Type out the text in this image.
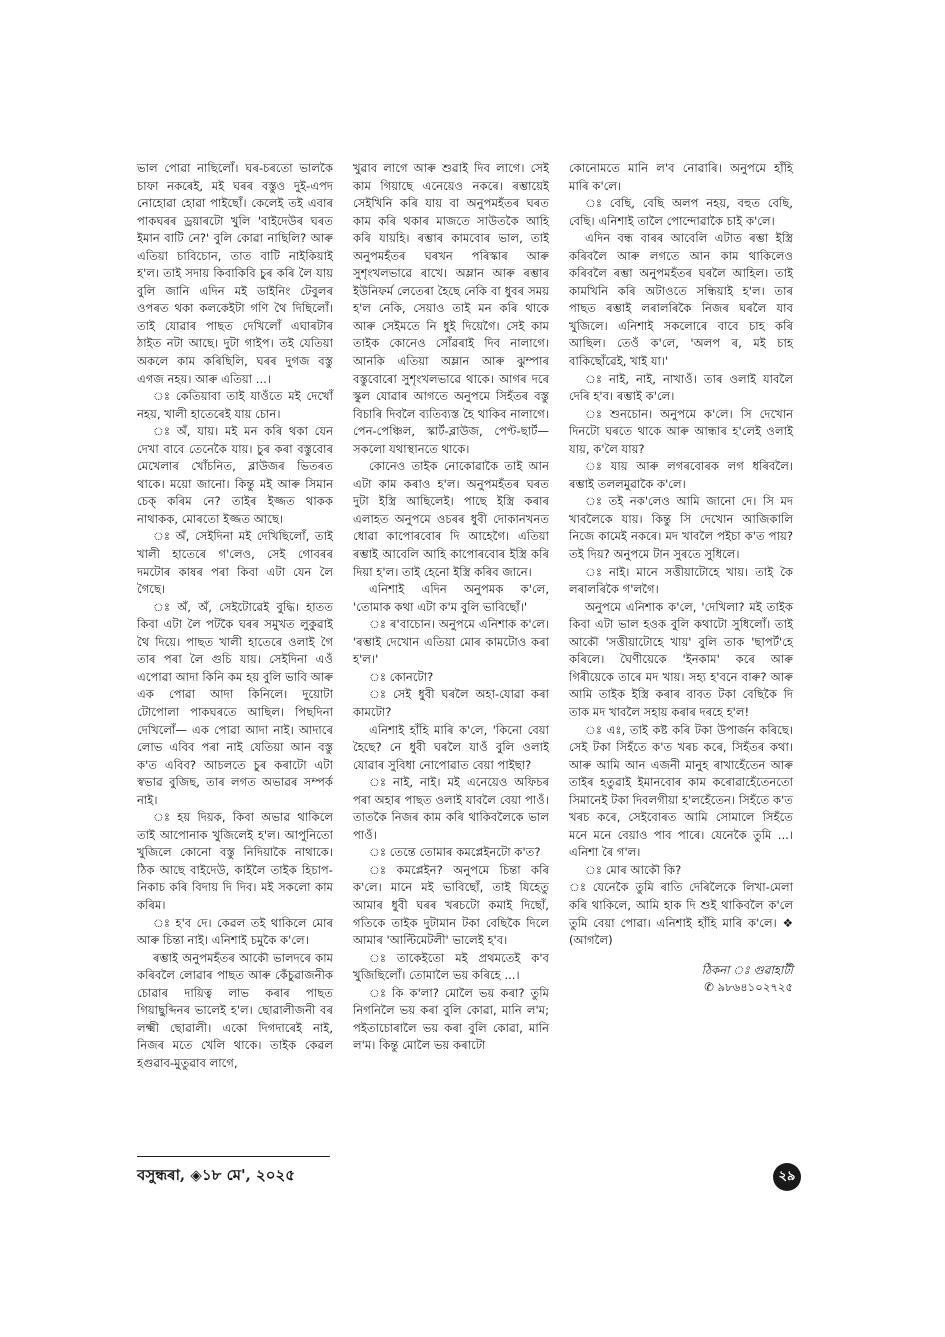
ভাল পোৱা নাছিলোঁ। ঘৰ-চৰতো ভালকৈ চাফা নকৰেই, মই ঘৰৰ বস্তুও দুই-এপদ নোহোৱা হোৱা পাইছোঁ। কেলেই তই এবাৰ পাকঘৰৰ ড্ৰয়াৰটো খুলি 'বাইদেউৰ ঘৰত ইমান বাটি নে?' বুলি কোৱা নাছিলি? আৰু এতিয়া চাবিচোন, তাত বাটি নাইকিয়াই হ'ল। তাই সদায় কিবাকিবি চুৰ কৰি লৈ যায় বুলি জানি এদিন মই ডাইনিং টেবুলৰ ওপৰত থকা কলকেইটা গণি থৈ দিছিলোঁ। তাই যোৱাৰ পাছত দেখিলোঁ এঘাৰটাৰ ঠাইত নটা আছে। দুটা গাইপ। তই যেতিয়া অকলে কাম কৰিছিলি, ঘৰৰ দুগজ বস্তু এগজ নহয়। আৰু এতিয়া ...।

ঃ কেতিয়াবা তাই যাওঁতে মই দেখোঁ নহয়, খালী হাতেৰেই যায় চোন।

ঃ অঁ, যায়। মই মন কৰি থকা যেন দেখা বাবে তেনেকৈ যায়। চুৰ কৰা বস্তুবোৰ মেখেলাৰ খোঁচনিত, ব্লাউজৰ ভিতৰত থাকে। ময়ো জানো। কিন্তু মই আৰু সিমান চেক্ কৰিম নে? তাইৰ ইজ্জত থাকক নাথাকক, মোৰতো ইজ্জত আছে।

ঃ অঁ, সেইদিনা মই দেখিছিলোঁ, তাই খালী হাতেৰে গ'লেও, সেই গোবৰৰ দমটোৰ কাষৰ পৰা কিবা এটা যেন লৈ গৈছে।

ঃ অঁ, অঁ, সেইটোৱেই বুদ্ধি। হাতত কিবা এটা লৈ পটকৈ ঘৰৰ সমুখত লুকুৱাই থৈ দিয়ে। পাছত খালী হাতেৰে ওলাই গৈ তাৰ পৰা লৈ গুচি যায়। সেইদিনা এওঁ এপোৱা আদা কিনি কম হয় বুলি ভাবি আৰু এক পোৱা আদা কিনিলে। দুয়োটা টোপোলা পাকঘৰতে আছিল। পিছদিনা দেখিলোঁ— এক পোৱা আদা নাই। আদাৰে লোভ এবিব পৰা নাই যেতিয়া আন বস্তু ক'ত এবিব? আচলতে চুৰ কৰাটো এটা স্বভাৱ বুজিছ, তাৰ লগত অভাৱৰ সম্পৰ্ক নাই।

ঃ হয় দিয়ক, কিবা অভাৱ থাকিলে তাই আপোনাক খুজিলেই হ'ল। আপুনিতো খুজিলে কোনো বস্তু নিদিয়াকৈ নাথাকে। ঠিক আছে বাইদেউ, কাইলৈ তাইক হিচাপ-নিকাচ কৰি বিদায় দি দিব। মই সকলো কাম কৰিম।

ঃ হ'ব দে। কেৱল তই থাকিলে মোৰ আৰু চিন্তা নাই। এনিশাই চমুকৈ ক'লে।

ৰম্ভাই অনুপমহঁতৰ আকৌ ভালদৰে কাম কৰিবলৈ লোৱাৰ পাছত আৰু কেঁচুৱাজনীক চোৱাৰ দায়িত্ব লাভ কৰাৰ পাছত গিয়াছুব্দিনৰ ভালেই হ'ল। ছোৱালীজনী বৰ লক্ষ্মী ছোৱালী। একো দিগদাৰেই নাই, নিজৰ মতে খেলি থাকে। তাইক কেৱল হগুৱাব-মুতুৱাব লাগে,

খুৱাব লাগে আৰু শুৱাই দিব লাগে। সেই কাম গিয়াছে এনেয়েও নকৰে। ৰম্ভায়েই সেইখিনি কৰি যায় বা অনুপমহঁতৰ ঘৰত কাম কৰি থকাৰ মাজতে সাউতকৈ আহি কৰি যায়হি। ৰম্ভাৰ কামবোৰ ভাল, তাই অনুপমহঁতৰ ঘৰখন পৰিস্কাৰ আৰু সুশৃংখলভাৱে ৰাখে। অম্লান আৰু ৰম্ভাৰ ইউনিফৰ্ম লেতেৰা হৈছে নেকি বা ধুবৰ সময় হ'ল নেকি, সেয়াও তাই মন কৰি থাকে আৰু সেইমতে নি ধুই দিয়েগৈ। সেই কাম তাইক কোনেও সোঁৱৰাই দিব নালাগে। আনকি এতিয়া অম্লান আৰু ঝুম্পাৰ বস্তুবোৰো সুশৃংখলভাৱে থাকে। আগৰ দৰে স্কুল যোৱাৰ আগতে অনুপমে সিহঁতৰ বস্তু বিচাৰি দিবলৈ ব্যতিব্যস্ত হৈ থাকিব নালাগে। পেন-পেঞ্চিল, স্কাৰ্ট-ব্লাউজ, পেণ্ট-ছাৰ্ট— সকলো যথাস্থানতে থাকে।

কোনেও তাইক নোকোৱাকৈ তাই আন এটা কাম কৰাও হ'ল। অনুপমহঁতৰ ঘৰত দুটা ইস্ত্ৰি আছিলেই। পাছে ইস্ত্ৰি কৰাৰ এলাহত অনুপমে ওচৰৰ ধুবী দোকানখনত ধোৱা কাপোৰবোৰ দি আহেগৈ। এতিয়া ৰম্ভাই আবেলি আহি কাপোৰবোৰ ইস্ত্ৰি কৰি দিয়া হ'ল। তাই হেনো ইস্ত্ৰি কৰিব জানে।

এনিশাই এদিন অনুপমক ক'লে, 'তোমাক কথা এটা ক'ম বুলি ভাবিছোঁ।'

ঃ ৰ'বাচোন। অনুপমে এনিশাক ক'লে। 'ৰম্ভাই দেখোন এতিয়া মোৰ কামটোও কৰা হ'ল।'

ঃ কোনটো?

ঃ সেই ধুবী ঘৰলৈ অহা-যোৱা কৰা কামটো?

এনিশাই হাঁহি মাৰি ক'লে, 'কিনো বেয়া হৈছে? নে ধুবী ঘৰলৈ যাওঁ বুলি ওলাই যোৱাৰ সুবিধা নোপোৱাত বেয়া পাইছা?

ঃ নাই, নাই। মই এনেয়েও অফিচৰ পৰা অহাৰ পাছত ওলাই যাবলৈ বেয়া পাওঁ। তাতকৈ নিজৰ কাম কৰি থাকিবলৈকে ভাল পাওঁ।

ঃ তেন্তে তোমাৰ কমপ্লেইনটো ক'ত?

ঃ কমপ্লেইন? অনুপমে চিন্তা কৰি ক'লে। মানে মই ভাবিছোঁ, তাই যিহেতু আমাৰ ধুবী ঘৰৰ খৰচটো কমাই দিছোঁ, গতিকে তাইক দুটামান টকা বেছিকৈ দিলে আমাৰ 'আল্টিমেটলী' ভালেই হ'ব।

ঃ তাকেইতো মই প্ৰথমতেই ক'ব খুজিছিলোঁ। তোমালৈ ভয় কৰিহে ...।

ঃ কি ক'লা? মোলৈ ভয় কৰা? তুমি নিগনিলৈ ভয় কৰা বুলি কোৱা, মানি ল'ম; পইতাচোৰালৈ ভয় কৰা বুলি কোৱা, মানি ল'ম। কিন্তু মোলৈ ভয় কৰাটো

কোনোমতে মানি ল'ব নোৱাৰি। অনুপমে হাঁহি মাৰি ক'লে।

ঃ বেছি, বেছি অলপ নহয়, বহুত বেছি, বেছি। এনিশাই তালৈ পোন্দোৱাকৈ চাই ক'লে।

এদিন বন্ধ বাৰৰ আবেলি এটাত ৰম্ভা ইস্ত্ৰি কৰিবলৈ আৰু লগতে আন কাম থাকিলেও কৰিবলৈ ৰম্ভা অনুপমহঁতৰ ঘৰলৈ আহিল। তাই কামখিনি কৰি অটাওতে সন্ধিয়াই হ'ল। তাৰ পাছত ৰম্ভাই লৰালৰিকৈ নিজৰ ঘৰলৈ যাব খুজিলে। এনিশাই সকলোৰে বাবে চাহ কৰি আছিল। তেওঁ ক'লে, 'অলপ ৰ, মই চাহ বাকিছোঁৱেই, খাই যা।'

ঃ নাই, নাই, নাখাওঁ। তাৰ ওলাই যাবলৈ দেৰি হ'ব। ৰম্ভাই ক'লে।

ঃ শুনচোন। অনুপমে ক'লে। সি দেখোন দিনটো ঘৰতে থাকে আৰু আন্ধাৰ হ'লেই ওলাই যায়, ক'লৈ যায়?

ঃ যায় আৰু লগৰবোৰক লগ ধৰিবলৈ। ৰম্ভাই তললমুৱাকৈ ক'লে।

ঃ তই নক'লেও আমি জানো দে। সি মদ খাবলৈকে যায়। কিন্তু সি দেখোন আজিকালি নিজে কামেই নকৰে। মদ খাবলৈ পইচা ক'ত পায়? তই দিয়? অনুপমে টান সুৰতে সুধিলে।

ঃ নাই। মানে সত্তীয়াটোহে খায়। তাই কৈ লৰালৰিকৈ গ'লগৈ।

অনুপমে এনিশাক ক'লে, 'দেখিলা? মই তাইক কিবা এটা ভাল হওক বুলি কথাটো সুধিলোঁ। তাই আকৌ 'সত্তীয়াটোহে খায়' বুলি তাক 'ছাপৰ্ট'হে কৰিলে। ঘৈণীয়েকে 'ইনকাম' কৰে আৰু গিৰীয়েকে তাৰে মদ খায়। সহ্য হ'বনে বাৰু? আৰু আমি তাইক ইস্ত্ৰি কৰাৰ বাবত টকা বেছিকৈ দি তাক মদ খাবলৈ সহায় কৰাৰ দৰহে হ'ল!

ঃ এঃ, তাই কষ্ট কৰি টকা উপাৰ্জন কৰিছে। সেই টকা সিহঁতে ক'ত খৰচ কৰে, সিহঁতৰ কথা। আৰু আমি আন এজনী মানুহ ৰাখাহেঁতেন আৰু তাইৰ হতুৱাই ইমানবোৰ কাম কৰোৱাহেঁতেনতো সিমানেই টকা দিবলগীয়া হ'লহেঁতেন। সিহঁতে ক'ত খৰচ কৰে, সেইবোৰত আমি সোমালে সিহঁতে মনে মনে বেয়াও পাব পাৰে। যেনেকৈ তুমি ...। এনিশা ৰৈ গ'ল।

ঃ মোৰ আকৌ কি?

ঃ যেনেকৈ তুমি ৰাতি দেৰিলৈকে লিখা-মেলা কৰি থাকিলে, আমি হাক দি শুই থাকিবলৈ ক'লে তুমি বেয়া পোৱা। এনিশাই হাঁহি মাৰি ক'লে। ❖ (আগলৈ)

ঠিকনা ঃ গুৱাহাটী

✆ ৯৮৬৪১০২৭২৫

বসুন্ধৰা, ◈১৮ মে', ২০২৫	২৯
